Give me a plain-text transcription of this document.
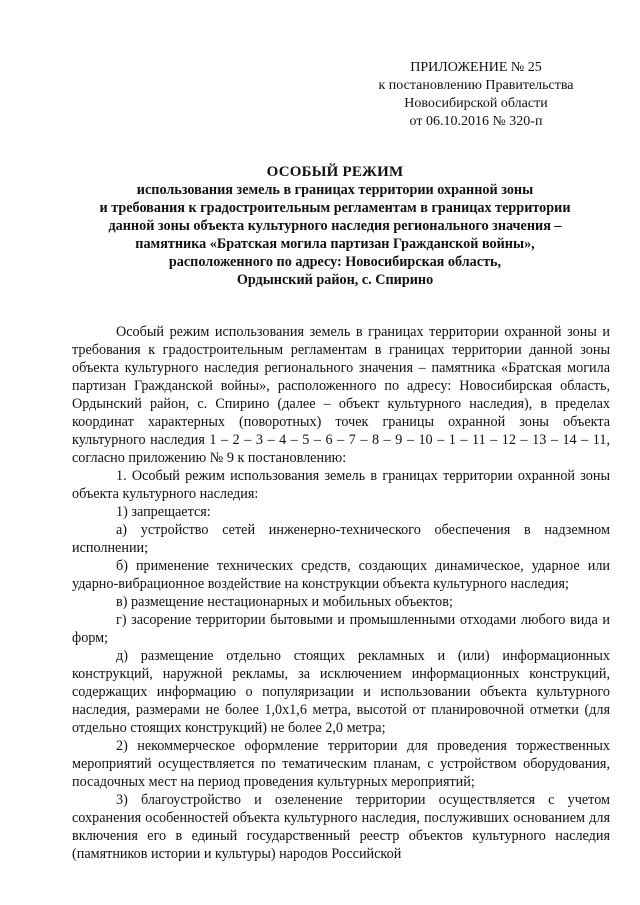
ПРИЛОЖЕНИЕ № 25
к постановлению Правительства
Новосибирской области
от 06.10.2016 № 320-п
ОСОБЫЙ РЕЖИМ
использования земель в границах территории охранной зоны
и требования к градостроительным регламентам в границах территории
данной зоны объекта культурного наследия регионального значения –
памятника «Братская могила партизан Гражданской войны»,
расположенного по адресу: Новосибирская область,
Ордынский район, с. Спирино

Особый режим использования земель в границах территории охранной зоны и требования к градостроительным регламентам в границах территории данной зоны объекта культурного наследия регионального значения – памятника «Братская могила партизан Гражданской войны», расположенного по адресу: Новосибирская область, Ордынский район, с. Спирино (далее – объект культурного наследия), в пределах координат характерных (поворотных) точек границы охранной зоны объекта культурного наследия 1 – 2 – 3 – 4 – 5 – 6 – 7 – 8 – 9 – 10 – 1 – 11 – 12 – 13 – 14 – 11, согласно приложению № 9 к постановлению:

1. Особый режим использования земель в границах территории охранной зоны объекта культурного наследия:

1) запрещается:

а) устройство сетей инженерно-технического обеспечения в надземном исполнении;

б) применение технических средств, создающих динамическое, ударное или ударно-вибрационное воздействие на конструкции объекта культурного наследия;

в) размещение нестационарных и мобильных объектов;

г) засорение территории бытовыми и промышленными отходами любого вида и форм;

д) размещение отдельно стоящих рекламных и (или) информационных конструкций, наружной рекламы, за исключением информационных конструкций, содержащих информацию о популяризации и использовании объекта культурного наследия, размерами не более 1,0х1,6 метра, высотой от планировочной отметки (для отдельно стоящих конструкций) не более 2,0 метра;

2) некоммерческое оформление территории для проведения торжественных мероприятий осуществляется по тематическим планам, с устройством оборудования, посадочных мест на период проведения культурных мероприятий;

3) благоустройство и озеленение территории осуществляется с учетом сохранения особенностей объекта культурного наследия, послуживших основанием для включения его в единый государственный реестр объектов культурного наследия (памятников истории и культуры) народов Российской
